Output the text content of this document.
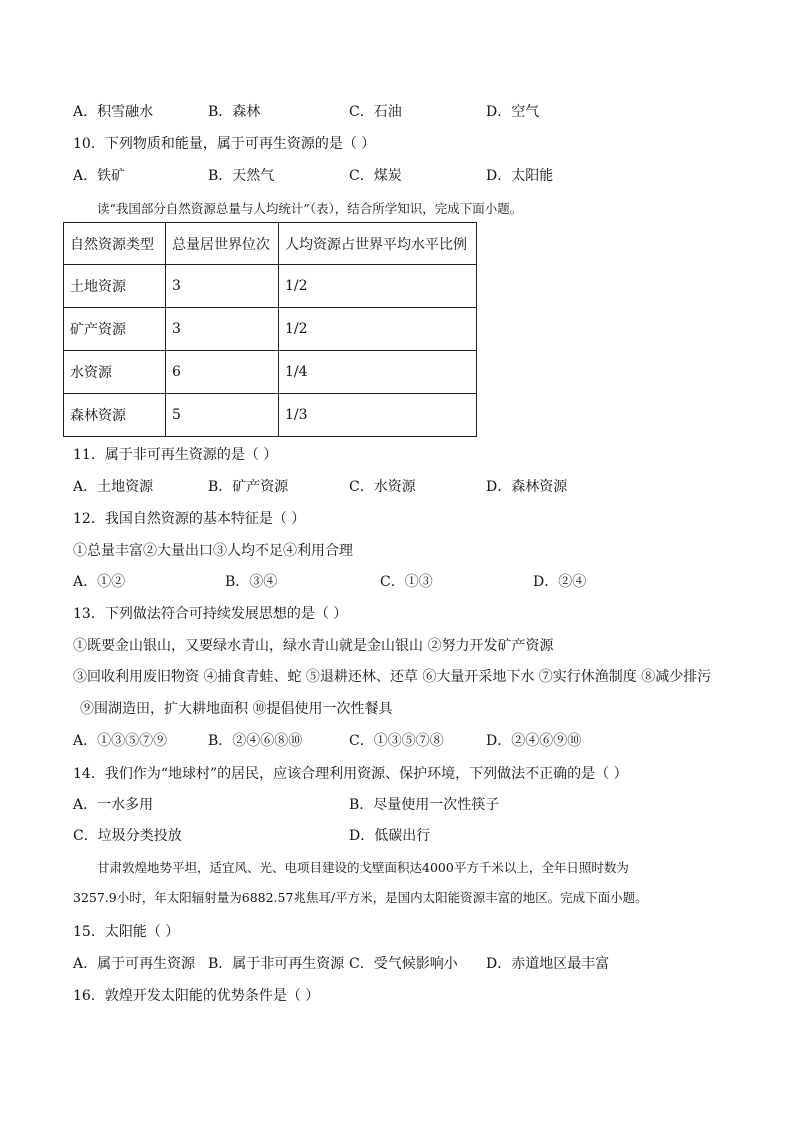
A．积雪融水	B．森林	C．石油	D．空气
10．下列物质和能量，属于可再生资源的是（ ）
A．铁矿	B．天然气	C．煤炭	D．太阳能
读“我国部分自然资源总量与人均统计”（表），结合所学知识，完成下面小题。
自然资源类型	总量居世界位次	人均资源占世界平均水平比例
土地资源	3	1/2
矿产资源	3	1/2
水资源	6	1/4
森林资源	5	1/3
11．属于非可再生资源的是（ ）
A．土地资源	B．矿产资源	C．水资源	D．森林资源
12．我国自然资源的基本特征是（ ）
①总量丰富②大量出口③人均不足④利用合理
A．①②	B．③④	C．①③	D．②④
13．下列做法符合可持续发展思想的是（ ）
①既要金山银山，又要绿水青山，绿水青山就是金山银山 ②努力开发矿产资源
③回收利用废旧物资 ④捕食青蛙、蛇 ⑤退耕还林、还草 ⑥大量开采地下水 ⑦实行休渔制度 ⑧减少排污
⑨围湖造田，扩大耕地面积 ⑩提倡使用一次性餐具
A．①③⑤⑦⑨	B．②④⑥⑧⑩	C．①③⑤⑦⑧	D．②④⑥⑨⑩
14．我们作为“地球村”的居民，应该合理利用资源、保护环境，下列做法不正确的是（ ）
A．一水多用	B．尽量使用一次性筷子
C．垃圾分类投放	D．低碳出行
甘肃敦煌地势平坦，适宜风、光、电项目建设的戈壁面积达4000平方千米以上，全年日照时数为
3257.9小时，年太阳辐射量为6882.57兆焦耳/平方米，是国内太阳能资源丰富的地区。完成下面小题。
15．太阳能（ ）
A．属于可再生资源 B．属于非可再生资源 C．受气候影响小 D．赤道地区最丰富
16．敦煌开发太阳能的优势条件是（ ）
